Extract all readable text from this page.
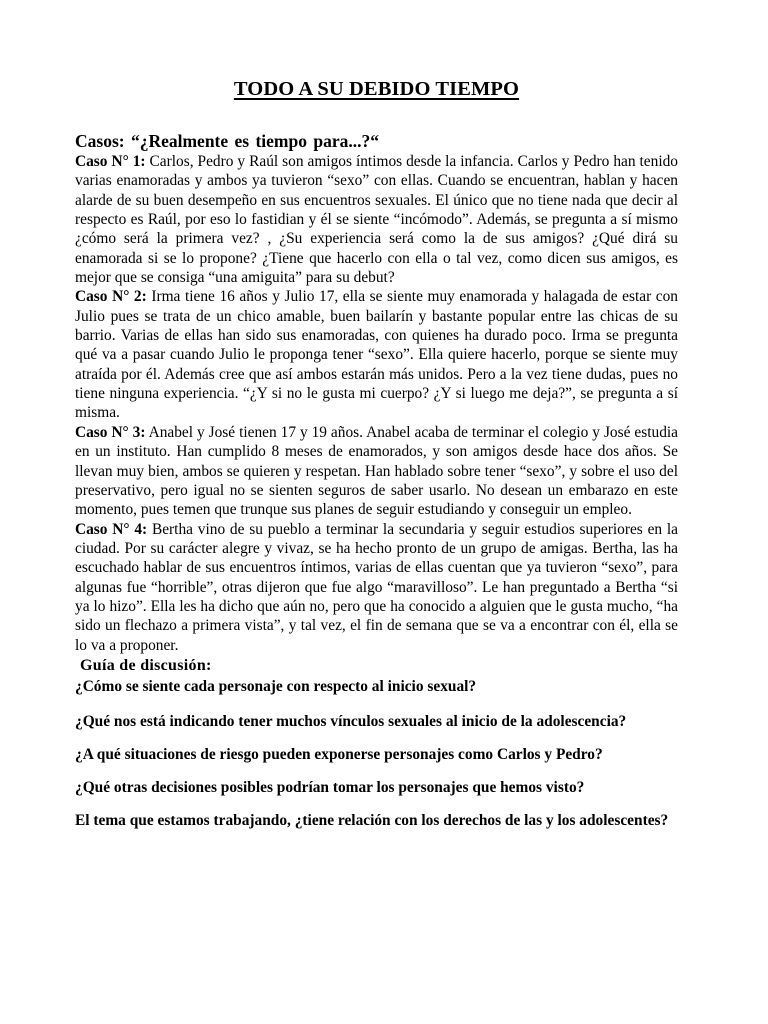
TODO A SU DEBIDO TIEMPO

Casos: “¿Realmente es tiempo para...?“

Caso N° 1: Carlos, Pedro y Raúl son amigos íntimos desde la infancia. Carlos y Pedro han tenido varias enamoradas y ambos ya tuvieron “sexo” con ellas. Cuando se encuentran, hablan y hacen alarde de su buen desempeño en sus encuentros sexuales. El único que no tiene nada que decir al respecto es Raúl, por eso lo fastidian y él se siente “incómodo”. Además, se pregunta a sí mismo ¿cómo será la primera vez? , ¿Su experiencia será como la de sus amigos? ¿Qué dirá su enamorada si se lo propone? ¿Tiene que hacerlo con ella o tal vez, como dicen sus amigos, es mejor que se consiga “una amiguita” para su debut?

Caso N° 2: Irma tiene 16 años y Julio 17, ella se siente muy enamorada y halagada de estar con Julio pues se trata de un chico amable, buen bailarín y bastante popular entre las chicas de su barrio. Varias de ellas han sido sus enamoradas, con quienes ha durado poco. Irma se pregunta qué va a pasar cuando Julio le proponga tener “sexo”. Ella quiere hacerlo, porque se siente muy atraída por él. Además cree que así ambos estarán más unidos. Pero a la vez tiene dudas, pues no tiene ninguna experiencia. “¿Y si no le gusta mi cuerpo? ¿Y si luego me deja?”, se pregunta a sí misma.

Caso N° 3: Anabel y José tienen 17 y 19 años. Anabel acaba de terminar el colegio y José estudia en un instituto. Han cumplido 8 meses de enamorados, y son amigos desde hace dos años. Se llevan muy bien, ambos se quieren y respetan. Han hablado sobre tener “sexo”, y sobre el uso del preservativo, pero igual no se sienten seguros de saber usarlo. No desean un embarazo en este momento, pues temen que trunque sus planes de seguir estudiando y conseguir un empleo.

Caso N° 4: Bertha vino de su pueblo a terminar la secundaria y seguir estudios superiores en la ciudad. Por su carácter alegre y vivaz, se ha hecho pronto de un grupo de amigas. Bertha, las ha escuchado hablar de sus encuentros íntimos, varias de ellas cuentan que ya tuvieron “sexo”, para algunas fue “horrible”, otras dijeron que fue algo “maravilloso”. Le han preguntado a Bertha “si ya lo hizo”. Ella les ha dicho que aún no, pero que ha conocido a alguien que le gusta mucho, “ha sido un flechazo a primera vista”, y tal vez, el fin de semana que se va a encontrar con él, ella se lo va a proponer.

Guía de discusión:

¿Cómo se siente cada personaje con respecto al inicio sexual?

¿Qué nos está indicando tener muchos vínculos sexuales al inicio de la adolescencia?

¿A qué situaciones de riesgo pueden exponerse personajes como Carlos y Pedro?

¿Qué otras decisiones posibles podrían tomar los personajes que hemos visto?

El tema que estamos trabajando, ¿tiene relación con los derechos de las y los adolescentes?
